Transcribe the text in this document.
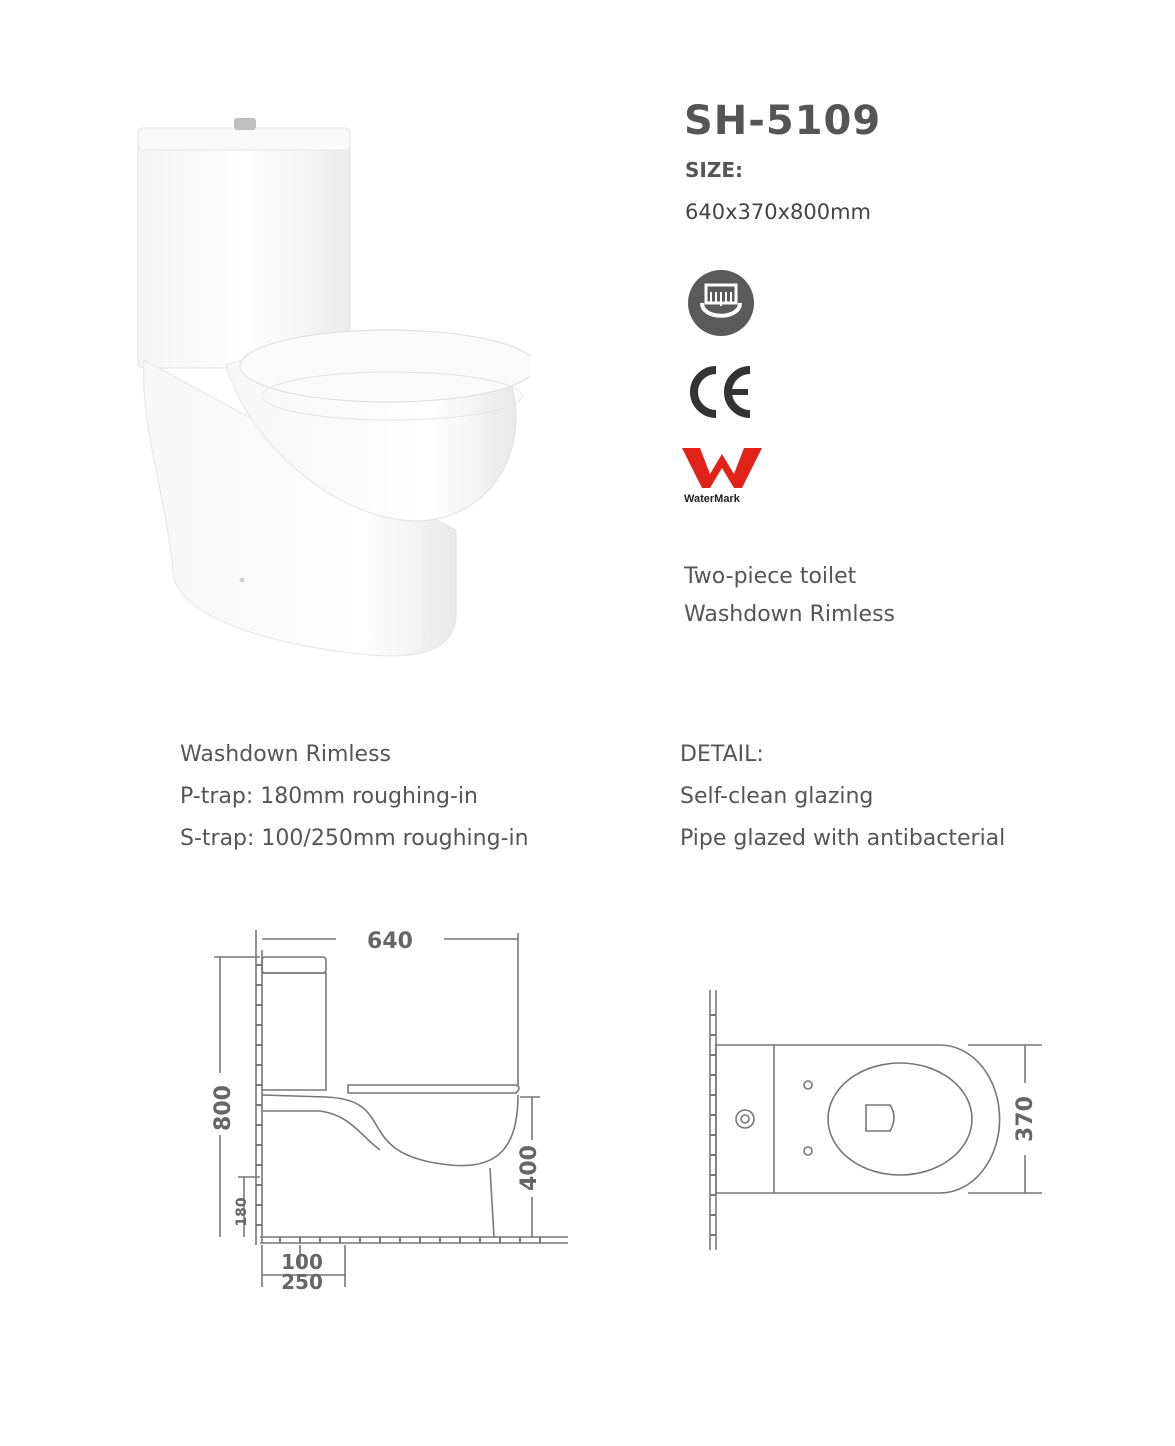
SH-5109
SIZE:
640x370x800mm
WaterMark
Two-piece toilet
Washdown Rimless
Washdown Rimless
P-trap: 180mm roughing-in
S-trap: 100/250mm roughing-in
DETAIL:
Self-clean glazing
Pipe glazed with antibacterial
640
800
180
400
100
250
370
